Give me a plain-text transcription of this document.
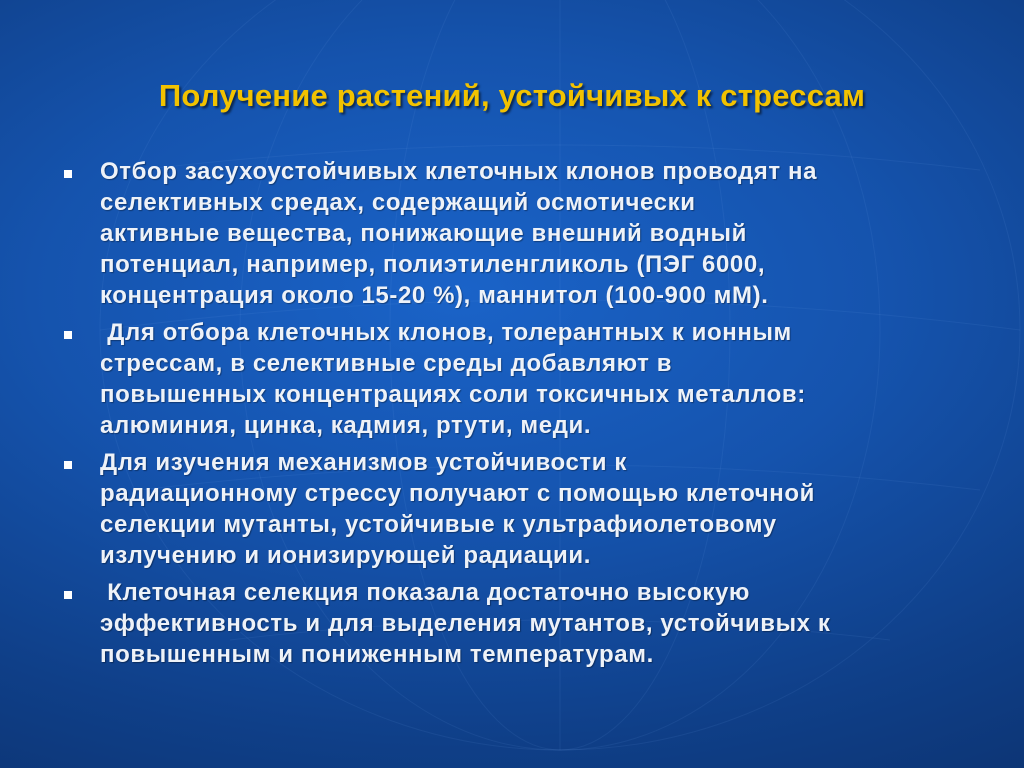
Получение растений, устойчивых к стрессам
Отбор засухоустойчивых клеточных клонов проводят на
селективных средах, содержащий осмотически
активные вещества, понижающие внешний водный
потенциал, например, полиэтиленгликоль (ПЭГ 6000,
концентрация около 15-20 %), маннитол (100-900 мМ).
Для отбора клеточных клонов, толерантных к ионным
стрессам, в селективные среды добавляют в
повышенных концентрациях соли токсичных металлов:
алюминия, цинка, кадмия, ртути, меди.
Для изучения механизмов устойчивости к
радиационному стрессу получают с помощью клеточной
селекции мутанты, устойчивые к ультрафиолетовому
излучению и ионизирующей радиации.
Клеточная селекция показала достаточно высокую
эффективность и для выделения мутантов, устойчивых к
повышенным и пониженным температурам.
